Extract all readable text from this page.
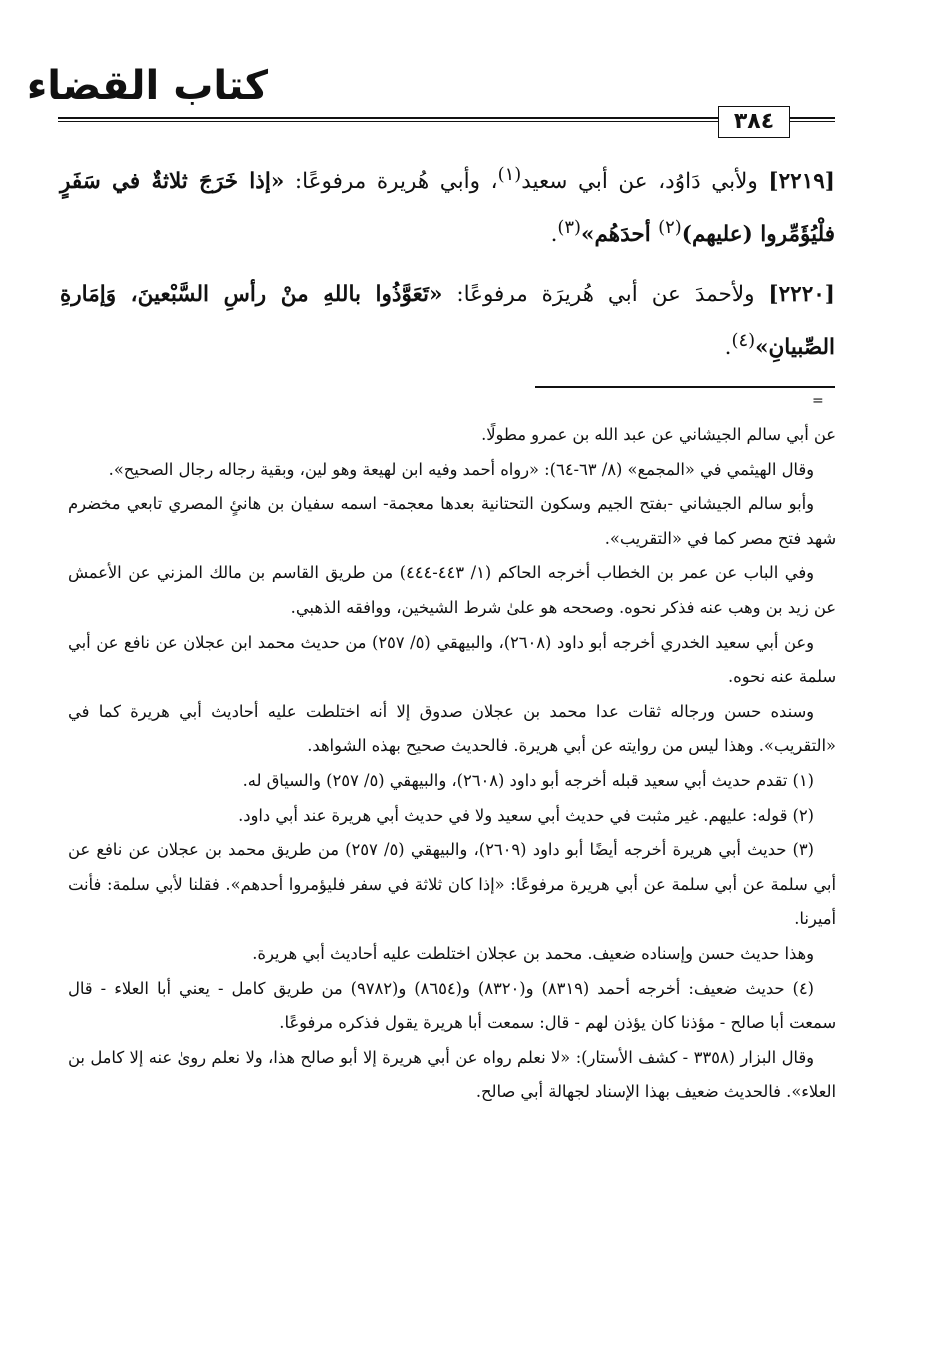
كتاب القضاء
٣٨٤

[٢٢١٩] ولأبي دَاوُد، عن أبي سعيد$^{(١)}$، وأبي هُريرة مرفوعًا: «إذا خَرَجَ ثلاثةٌ في سَفَرٍ فلْيُؤَمِّروا (عليهم)$^{(٢)}$ أحدَهُم»$^{(٣)}$.

[٢٢٢٠] ولأحمدَ عن أبي هُريرَة مرفوعًا: «تَعَوَّذُوا باللهِ منْ رأسِ السَّبْعينَ، وَإمَارةِ الصِّبيانِ»$^{(٤)}$.

=

عن أبي سالم الجيشاني عن عبد الله بن عمرو مطولًا.

وقال الهيثمي في «المجمع» (٨/ ٦٣-٦٤): «رواه أحمد وفيه ابن لهيعة وهو لين، وبقية رجاله رجال الصحيح».

وأبو سالم الجيشاني -بفتح الجيم وسكون التحتانية بعدها معجمة- اسمه سفيان بن هانئٍ المصري تابعي مخضرم شهد فتح مصر كما في «التقريب».

وفي الباب عن عمر بن الخطاب أخرجه الحاكم (١/ ٤٤٣-٤٤٤) من طريق القاسم بن مالك المزني عن الأعمش عن زيد بن وهب عنه فذكر نحوه. وصححه هو علىٰ شرط الشيخين، ووافقه الذهبي.

وعن أبي سعيد الخدري أخرجه أبو داود (٢٦٠٨)، والبيهقي (٥/ ٢٥٧) من حديث محمد ابن عجلان عن نافع عن أبي سلمة عنه نحوه.

وسنده حسن ورجاله ثقات عدا محمد بن عجلان صدوق إلا أنه اختلطت عليه أحاديث أبي هريرة كما في «التقريب». وهذا ليس من روايته عن أبي هريرة. فالحديث صحيح بهذه الشواهد.

(١) تقدم حديث أبي سعيد قبله أخرجه أبو داود (٢٦٠٨)، والبيهقي (٥/ ٢٥٧) والسياق له.

(٢) قوله: عليهم. غير مثبت في حديث أبي سعيد ولا في حديث أبي هريرة عند أبي داود.

(٣) حديث أبي هريرة أخرجه أيضًا أبو داود (٢٦٠٩)، والبيهقي (٥/ ٢٥٧) من طريق محمد بن عجلان عن نافع عن أبي سلمة عن أبي سلمة عن أبي هريرة مرفوعًا: «إذا كان ثلاثة في سفر فليؤمروا أحدهم». فقلنا لأبي سلمة: فأنت أميرنا.

وهذا حديث حسن وإسناده ضعيف. محمد بن عجلان اختلطت عليه أحاديث أبي هريرة.

(٤) حديث ضعيف: أخرجه أحمد (٨٣١٩) و(٨٣٢٠) و(٨٦٥٤) و(٩٧٨٢) من طريق كامل - يعني أبا العلاء - قال سمعت أبا صالح - مؤذنا كان يؤذن لهم - قال: سمعت أبا هريرة يقول فذكره مرفوعًا.

وقال البزار (٣٣٥٨ - كشف الأستار): «لا نعلم رواه عن أبي هريرة إلا أبو صالح هذا، ولا نعلم روىٰ عنه إلا كامل بن العلاء». فالحديث ضعيف بهذا الإسناد لجهالة أبي صالح.
